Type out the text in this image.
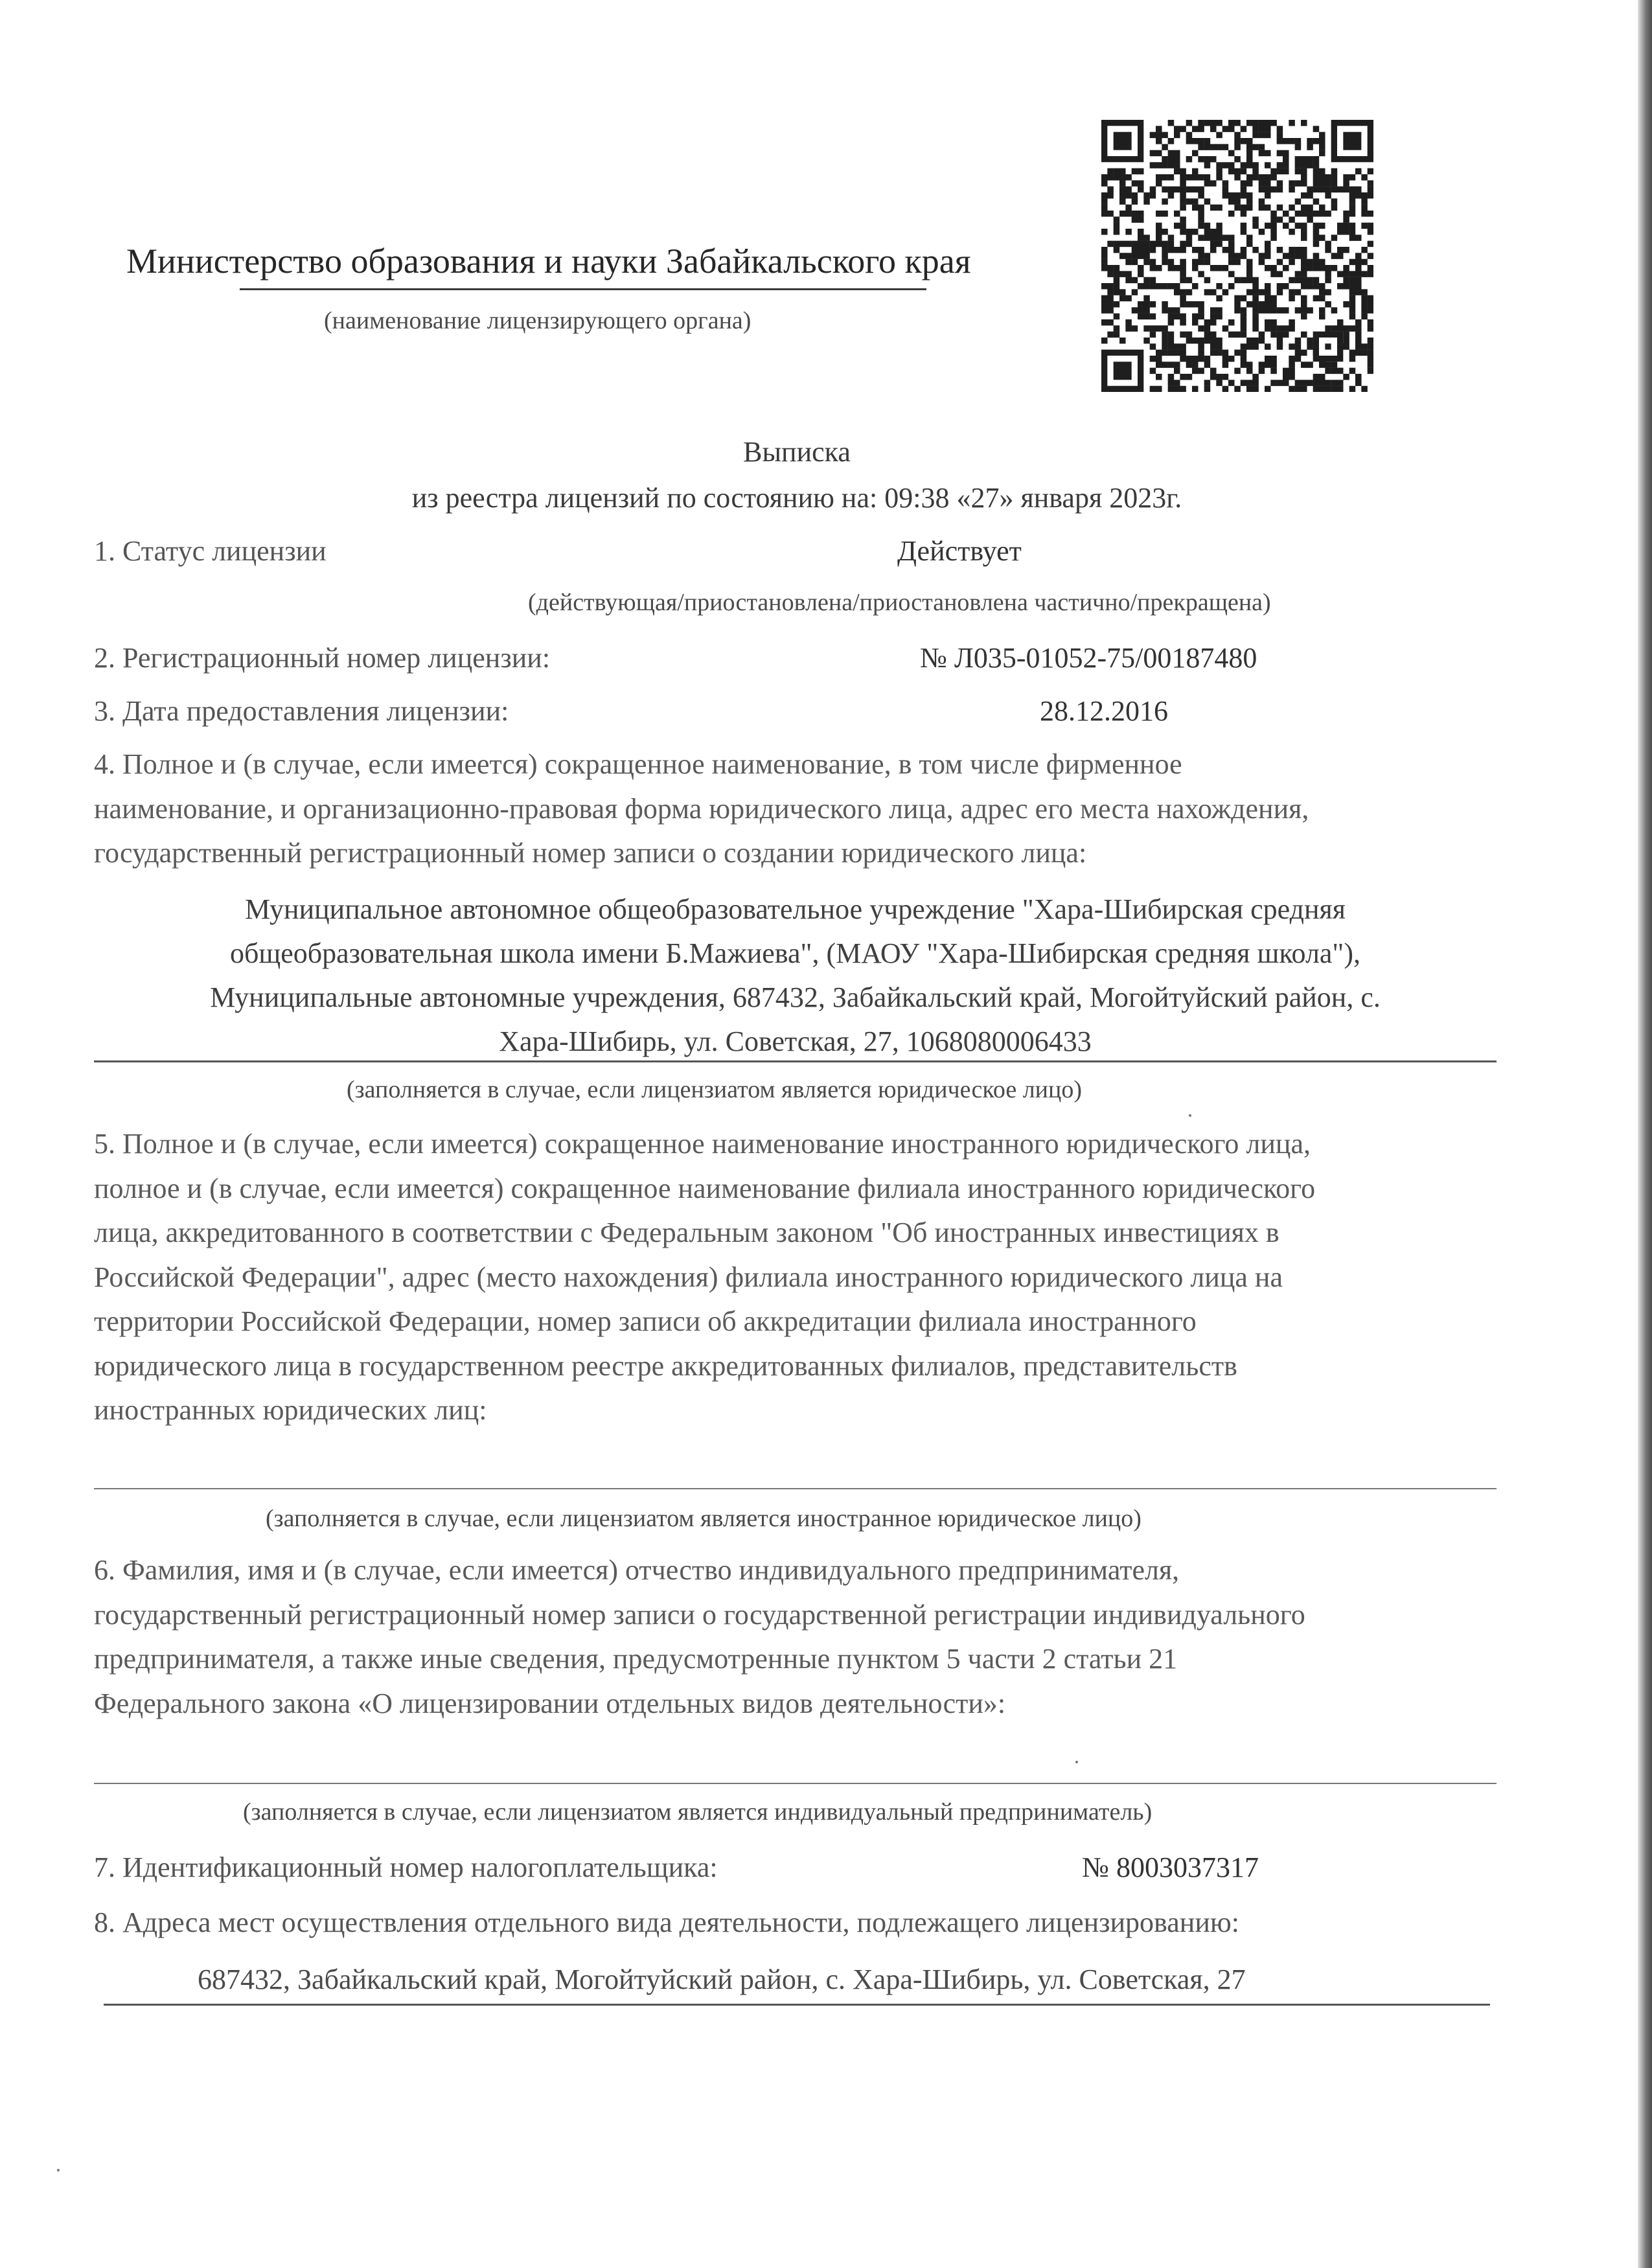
Министерство образования и науки Забайкальского края
(наименование лицензирующего органа)
Выписка
из реестра лицензий по состоянию на: 09:38 «27» января 2023г.
1. Статус лицензии	Действует
(действующая/приостановлена/приостановлена частично/прекращена)
2. Регистрационный номер лицензии:	№ Л035-01052-75/00187480
3. Дата предоставления лицензии:	28.12.2016
4. Полное и (в случае, если имеется) сокращенное наименование, в том числе фирменное
наименование, и организационно-правовая форма юридического лица, адрес его места нахождения,
государственный регистрационный номер записи о создании юридического лица:
Муниципальное автономное общеобразовательное учреждение "Хара-Шибирская средняя
общеобразовательная школа имени Б.Мажиева", (МАОУ "Хара-Шибирская средняя школа"),
Муниципальные автономные учреждения, 687432, Забайкальский край, Могойтуйский район, с.
Хара-Шибирь, ул. Советская, 27, 1068080006433
(заполняется в случае, если лицензиатом является юридическое лицо)
5. Полное и (в случае, если имеется) сокращенное наименование иностранного юридического лица,
полное и (в случае, если имеется) сокращенное наименование филиала иностранного юридического
лица, аккредитованного в соответствии с Федеральным законом "Об иностранных инвестициях в
Российской Федерации", адрес (место нахождения) филиала иностранного юридического лица на
территории Российской Федерации, номер записи об аккредитации филиала иностранного
юридического лица в государственном реестре аккредитованных филиалов, представительств
иностранных юридических лиц:
(заполняется в случае, если лицензиатом является иностранное юридическое лицо)
6. Фамилия, имя и (в случае, если имеется) отчество индивидуального предпринимателя,
государственный регистрационный номер записи о государственной регистрации индивидуального
предпринимателя, а также иные сведения, предусмотренные пунктом 5 части 2 статьи 21
Федерального закона «О лицензировании отдельных видов деятельности»:
(заполняется в случае, если лицензиатом является индивидуальный предприниматель)
7. Идентификационный номер налогоплательщика:	№ 8003037317
8. Адреса мест осуществления отдельного вида деятельности, подлежащего лицензированию:
687432, Забайкальский край, Могойтуйский район, с. Хара-Шибирь, ул. Советская, 27
